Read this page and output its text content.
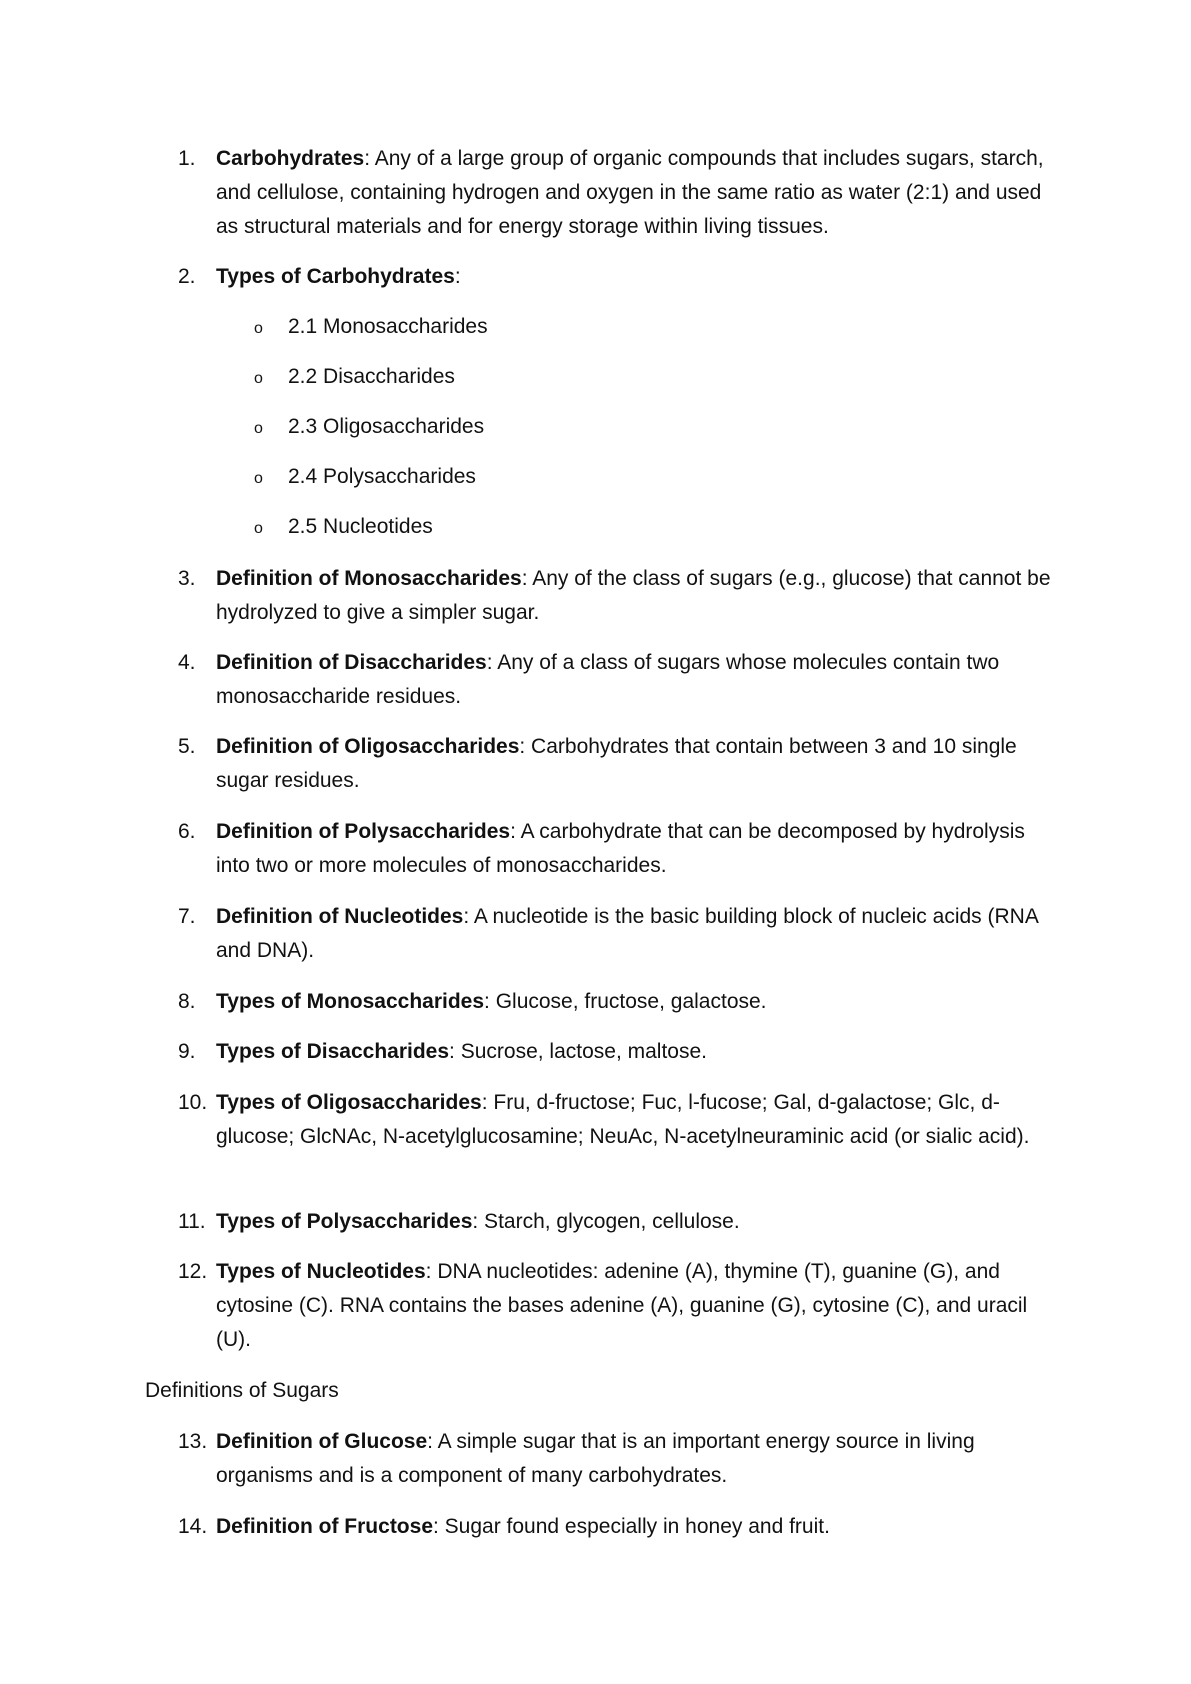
1. Carbohydrates: Any of a large group of organic compounds that includes sugars, starch, and cellulose, containing hydrogen and oxygen in the same ratio as water (2:1) and used as structural materials and for energy storage within living tissues.
2. Types of Carbohydrates:
o 2.1 Monosaccharides
o 2.2 Disaccharides
o 2.3 Oligosaccharides
o 2.4 Polysaccharides
o 2.5 Nucleotides
3. Definition of Monosaccharides: Any of the class of sugars (e.g., glucose) that cannot be hydrolyzed to give a simpler sugar.
4. Definition of Disaccharides: Any of a class of sugars whose molecules contain two monosaccharide residues.
5. Definition of Oligosaccharides: Carbohydrates that contain between 3 and 10 single sugar residues.
6. Definition of Polysaccharides: A carbohydrate that can be decomposed by hydrolysis into two or more molecules of monosaccharides.
7. Definition of Nucleotides: A nucleotide is the basic building block of nucleic acids (RNA and DNA).
8. Types of Monosaccharides: Glucose, fructose, galactose.
9. Types of Disaccharides: Sucrose, lactose, maltose.
10. Types of Oligosaccharides: Fru, d-fructose; Fuc, l-fucose; Gal, d-galactose; Glc, d-glucose; GlcNAc, N-acetylglucosamine; NeuAc, N-acetylneuraminic acid (or sialic acid).
11. Types of Polysaccharides: Starch, glycogen, cellulose.
12. Types of Nucleotides: DNA nucleotides: adenine (A), thymine (T), guanine (G), and cytosine (C). RNA contains the bases adenine (A), guanine (G), cytosine (C), and uracil (U).
Definitions of Sugars
13. Definition of Glucose: A simple sugar that is an important energy source in living organisms and is a component of many carbohydrates.
14. Definition of Fructose: Sugar found especially in honey and fruit.
